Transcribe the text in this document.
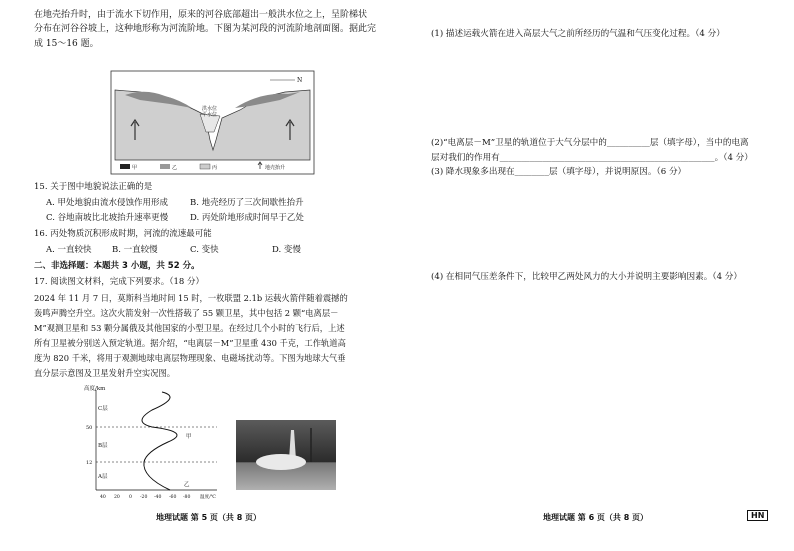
在地壳抬升时，由于流水下切作用，原来的河谷底部超出一般洪水位之上，呈阶梯状

分布在河谷谷坡上，这种地形称为河流阶地。下图为某河段的河流阶地剖面图。据此完

成 15～16 题。

N
洪水位
平水位
甲	乙	丙	地壳抬升

15. 关于图中地貌说法正确的是

A. 甲处地貌由流水侵蚀作用形成	B. 地壳经历了三次间歇性抬升
C. 谷地南坡比北坡抬升速率更慢	D. 丙处阶地形成时间早于乙处

16. 丙处物质沉积形成时期，河流的流速最可能

A. 一直较快 B. 一直较慢	C. 变快	D. 变慢

二、非选择题：本题共 3 小题，共 52 分。

17. 阅读图文材料，完成下列要求。（18 分）

2024 年 11 月 7 日，莫斯科当地时间 15 时，一枚联盟 2.1b 运载火箭伴随着震撼的

轰鸣声腾空升空。这次火箭发射一次性搭载了 55 颗卫星，其中包括 2 颗“电离层－

M”观测卫星和 53 颗分属俄及其他国家的小型卫星。在经过几个小时的飞行后，上述

所有卫星被分别送入预定轨道。据介绍，“电离层－M”卫星重 430 千克，工作轨道高

度为 820 千米，将用于观测地球电离层物理现象、电磁场扰动等。下图为地球大气垂

直分层示意图及卫星发射升空实况图。

高度/km
50
12
C层
B层
A层
甲
乙
40 20 0 -20 -40 -60 -80 温度/℃
地理试题 第 5 页（共 8 页）

(1) 描述运载火箭在进入高层大气之前所经历的气温和气压变化过程。（4 分）

(2)“电离层－M”卫星的轨道位于大气分层中的__________层（填字母），当中的电离

层对我们的作用有__________________________________________________。（4 分）

(3) 降水现象多出现在________层（填字母），并说明原因。（6 分）

(4) 在相同气压差条件下，比较甲乙两处风力的大小并说明主要影响因素。（4 分）

地理试题 第 6 页（共 8 页）	HN
